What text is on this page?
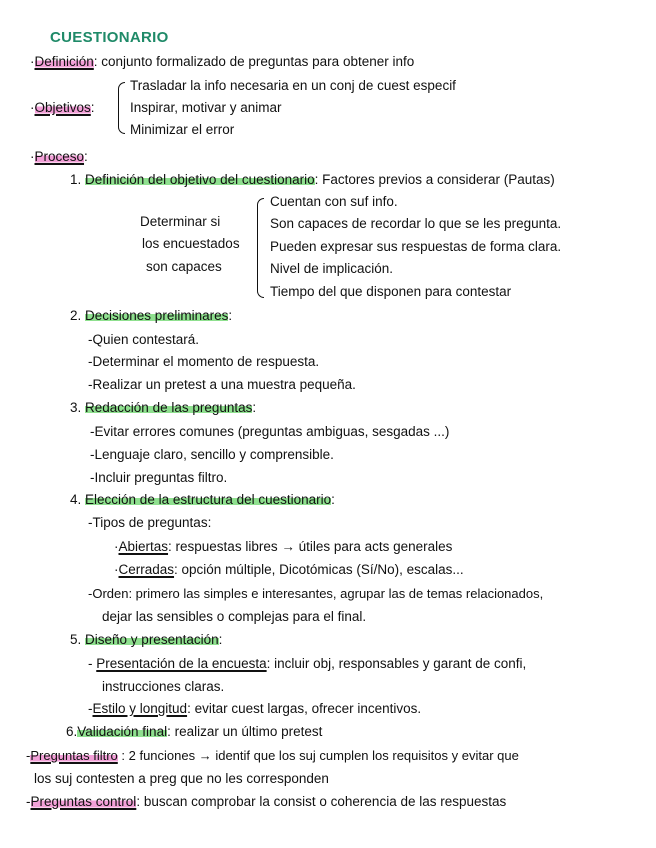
CUESTIONARIO
·Definición: conjunto formalizado de preguntas para obtener info
·Objetivos:
Trasladar la info necesaria en un conj de cuest especif
Inspirar, motivar y animar
Minimizar el error
·Proceso:
1. Definición del objetivo del cuestionario: Factores previos a considerar (Pautas)
Determinar si
los encuestados
son capaces
Cuentan con suf info.
Son capaces de recordar lo que se les pregunta.
Pueden expresar sus respuestas de forma clara.
Nivel de implicación.
Tiempo del que disponen para contestar
2. Decisiones preliminares:
-Quien contestará.
-Determinar el momento de respuesta.
-Realizar un pretest a una muestra pequeña.
3. Redacción de las preguntas:
-Evitar errores comunes (preguntas ambiguas, sesgadas ...)
-Lenguaje claro, sencillo y comprensible.
-Incluir preguntas filtro.
4. Elección de la estructura del cuestionario:
-Tipos de preguntas:
·Abiertas: respuestas libres → útiles para acts generales
·Cerradas: opción múltiple, Dicotómicas (Sí/No), escalas...
-Orden: primero las simples e interesantes, agrupar las de temas relacionados,
dejar las sensibles o complejas para el final.
5. Diseño y presentación:
- Presentación de la encuesta: incluir obj, responsables y garant de confi,
instrucciones claras.
-Estilo y longitud: evitar cuest largas, ofrecer incentivos.
6.Validación final: realizar un último pretest
-Preguntas filtro : 2 funciones → identif que los suj cumplen los requisitos y evitar que
los suj contesten a preg que no les corresponden
-Preguntas control: buscan comprobar la consist o coherencia de las respuestas
